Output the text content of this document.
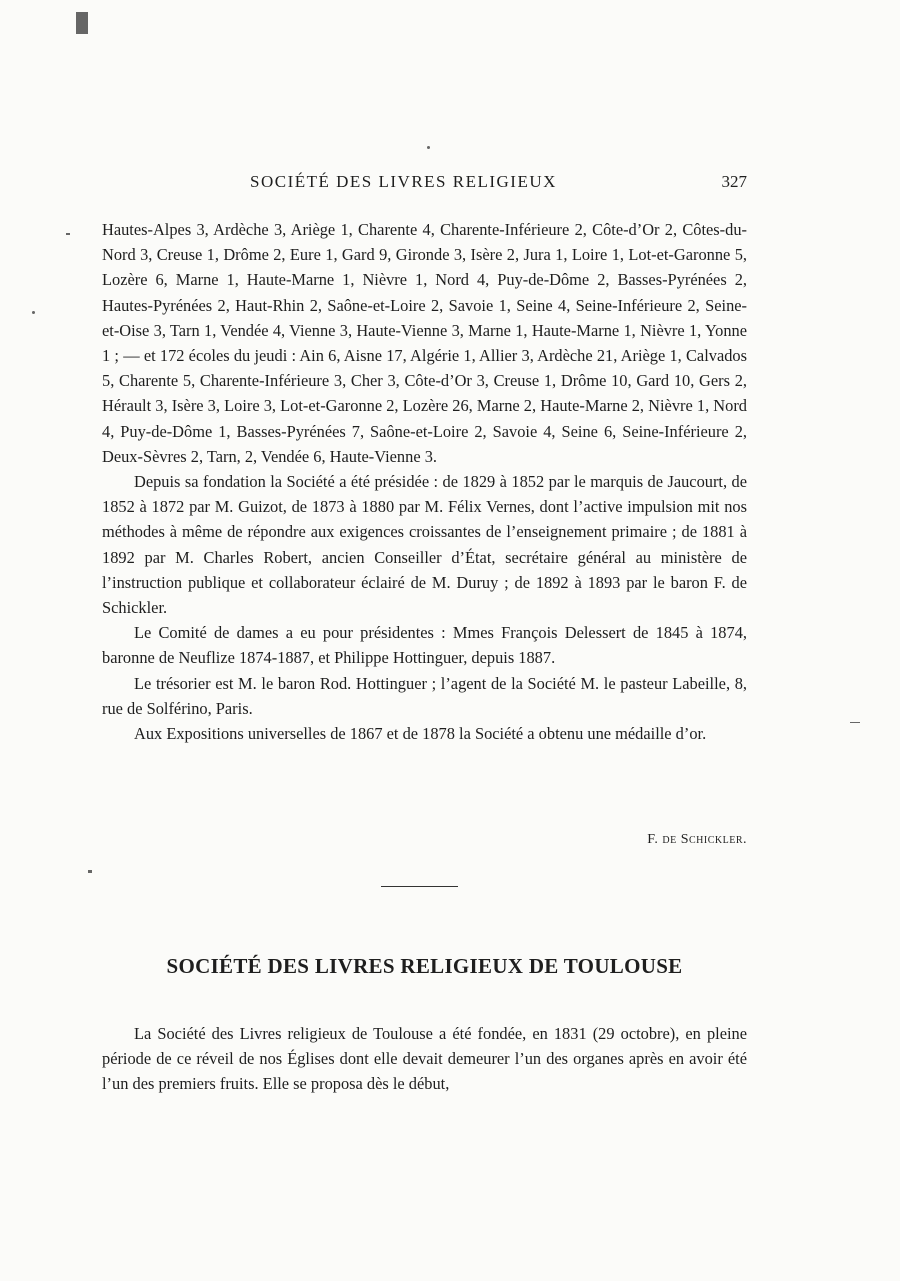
SOCIÉTÉ DES LIVRES RELIGIEUX	327

Hautes-Alpes 3, Ardèche 3, Ariège 1, Charente 4, Charente-Inférieure 2, Côte-d’Or 2, Côtes-du-Nord 3, Creuse 1, Drôme 2, Eure 1, Gard 9, Gironde 3, Isère 2, Jura 1, Loire 1, Lot-et-Garonne 5, Lozère 6, Marne 1, Haute-Marne 1, Nièvre 1, Nord 4, Puy-de-Dôme 2, Basses-Pyrénées 2, Hautes-Pyrénées 2, Haut-Rhin 2, Saône-et-Loire 2, Savoie 1, Seine 4, Seine-Inférieure 2, Seine-et-Oise 3, Tarn 1, Vendée 4, Vienne 3, Haute-Vienne 3, Marne 1, Haute-Marne 1, Nièvre 1, Yonne 1 ; — et 172 écoles du jeudi : Ain 6, Aisne 17, Algérie 1, Allier 3, Ardèche 21, Ariège 1, Calvados 5, Charente 5, Charente-Inférieure 3, Cher 3, Côte-d’Or 3, Creuse 1, Drôme 10, Gard 10, Gers 2, Hérault 3, Isère 3, Loire 3, Lot-et-Garonne 2, Lozère 26, Marne 2, Haute-Marne 2, Nièvre 1, Nord 4, Puy-de-Dôme 1, Basses-Pyrénées 7, Saône-et-Loire 2, Savoie 4, Seine 6, Seine-Inférieure 2, Deux-Sèvres 2, Tarn, 2, Vendée 6, Haute-Vienne 3.

Depuis sa fondation la Société a été présidée : de 1829 à 1852 par le marquis de Jaucourt, de 1852 à 1872 par M. Guizot, de 1873 à 1880 par M. Félix Vernes, dont l’active impulsion mit nos méthodes à même de répondre aux exigences croissantes de l’enseignement primaire ; de 1881 à 1892 par M. Charles Robert, ancien Conseiller d’État, secrétaire général au ministère de l’instruction publique et collaborateur éclairé de M. Duruy ; de 1892 à 1893 par le baron F. de Schickler.

Le Comité de dames a eu pour présidentes : Mmes François Delessert de 1845 à 1874, baronne de Neuflize 1874-1887, et Philippe Hottinguer, depuis 1887.

Le trésorier est M. le baron Rod. Hottinguer ; l’agent de la Société M. le pasteur Labeille, 8, rue de Solférino, Paris.

Aux Expositions universelles de 1867 et de 1878 la Société a obtenu une médaille d’or.

F. de Schickler.
SOCIÉTÉ DES LIVRES RELIGIEUX DE TOULOUSE

La Société des Livres religieux de Toulouse a été fondée, en 1831 (29 octobre), en pleine période de ce réveil de nos Églises dont elle devait demeurer l’un des organes après en avoir été l’un des premiers fruits. Elle se proposa dès le début,
